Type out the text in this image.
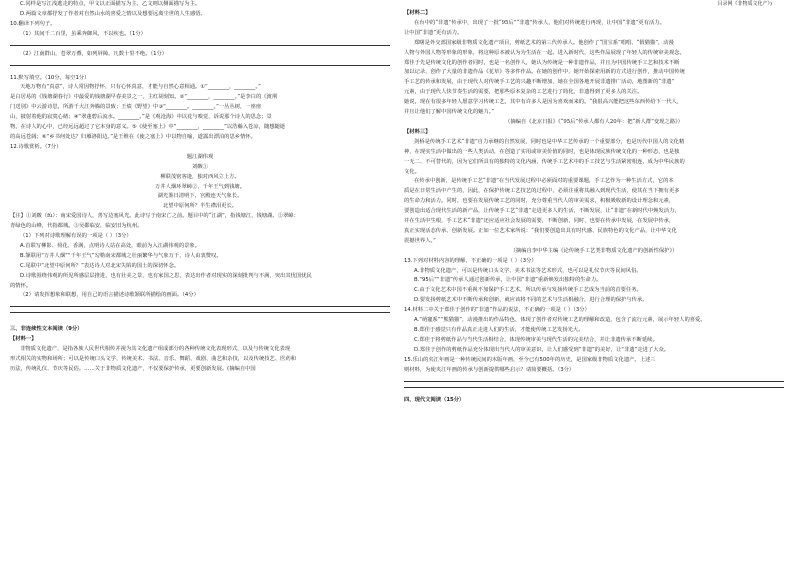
C.同样是写江浅逃走的特点，甲文以正面描写为主，乙文则以侧面描写为主。
D.两篇文章都抒发了作者对自然山水的喜爱之情以及想要远离尘世的人生感悟。
10.翻译下列句子。
（1）其间千二百里，虽乘奔御风，不以疾也。（1分）
（2）江南群山，苍翠万叠，如列屏障，凡数十里不绝。（1分）
11.默写填空。（10分，每空1分）
天地万物有“真意”，诗人常因物抒怀，只有心怀真意，才能与自然心意相通。①“________，________。”
是白居易的《钱塘湖春行》中最爱的钱塘湖早春美景之一，主红胡刻知。②“________，________。”是李白的《渡荆
门送别》中云游诗思，所游千大江奔腾的景致；王绩《野望》中③“________。________。”一丛丛树，一座座
山，披射着他的寂寞心绪；④“翠蓬碧后流水。________。”是《观沧海》中以花与嗅觉，诉说那个诗人的思念；景
物，在诗人的心中，已经远远超过了它本身的意义。⑤《使至塞上》中“________，________”以浩瀚入苍凉，随想随逝
的高远苍阔；⑥“乡书何处达？归雁洛阳边。”是王维在《使之塞上》中以物自喻，道露出漂泊的思乡情怀。
12.诗歌赏析。（7分）
题江湖伟观
刘敞①
柳联茂密客逢，独对西风立上方。
万井人烟环翠嶂②，千年王气到钱塘。
湖光鉴日清明下，宫殿连天气象长。
北望中原何所？半生襟泪更长。
【注】①刘敞（fù）：南宋爱国诗人，善写边塞风光。此诗写于南宋亡之前。题目中的“江湖”，指钱塘江，钱塘湖。②翠嶂：
青绿色的山峰，代指都城。③吴都临安，临安旧为杭州。
（1）下列对诗歌理解有误的一项是（ ）（3分）
A.首联写柳影、荷花、香满，点明诗人站在高处，眼前为入江湖伟观的景象。
B.颔联用“万井人烟”“千年王气”勾勒南宋都城之壮丽繁华与气象万千，诗人由衷赞叹。
C.尾联中“北望中原何所？”表达诗人对北宋失陷的国土的深切怀念。
D.诗歌围绕伟观的所见所感层层推进，也有壮美之景，也有家国之思，表达出作者对现实的深刻批判与不满，突出其忧国忧民
的情怀。
（2）请发挥想象和联想，用自己的语言描述诗歌颔联所描绘的画面。（4分）
三、非连续性文本阅读（9分）
【材料一】
非物质文化遗产，是指各族人民世代相传并视为其文化遗产组成部分的各种传统文化表现形式，以及与传统文化表现
形式相关的实物和场所；可以是传统口头文学、传统美术、书法、音乐、舞蹈、戏剧、曲艺和杂技，以及传统技艺、医药和
历法，传统礼仪、节庆等民俗。……关于非物质文化遗产，不仅要保护传承，更要创新发展。(摘编自中国
目录网《非物质文化产》)
【材料二】
在台中的“非遗”传承中，出现了一批“95后”“非遗”传承人，他们对传统进行再现，让中国“非遗”更有活力。
让中国“非遗”更有活力。
郑曙是外交部国家级非物质文化遗产项目，剪纸艺术的第三代传承人。他创作了“国宝系”唱唱、“假猫猫”，动漫
人物与外国人物等形象的形象，将这种原本被认为为生活在一起。进入新时代，这些作品展现了年轻人的传统审美观念。
郑佳于先是传统文化的创作者同时，也是一名创作人，她认为传统是一种非遗作品，并且为中国传统手工艺和技术不断
加以记录，创作了大量的非遗作品《花草》等多件作品。在她的创作中，她开始探索用新的方式进行创作，推动中国传统
手工艺的传承和发展，由于现代人对传统手工艺的兴趣不断增加，她在全国各地开展非遗推广活动，地图新的“非遗”
元素，由于现代人快节奏生活的需要，把那些原本复杂的工艺进行了简化，非遗得到了更多人的关注。
她说，现在有很多年轻人愿意学习传统工艺，其中有许多人是因为喜欢而来的。“我很高兴能把这些东西传给下一代人，
并且让他们了解中国传统文化的魅力。”
（摘编自《北京日报》《“95后”传承人都有人20年：把“新人群”变现之路》）
【材料三】
剑桥是传统手工艺术“非遗”自力承继的自然发展，同时也是中华工艺传承的一个重要部分，也是历代中国人的文化精
神，在现实生活中做出的一些人类活动，在创造了实用或审美价值的同时，也是体现民族传统文化的一种形态，也是独
一无二、不可替代的，因为它们所具有的独特的文化内涵，传统手工艺术中的手工技艺与生活紧密相连，成为中华民族的
文化。
在传承中创新，是传统手工艺“非遗”在当代发展过程中必须面对的重要课题，手工艺作为一种生活方式，它的本
质是在日常生活中产生的，因此，在保护传统工艺技艺的过程中，必须注重将其融入到现代生活，使其在当下拥有更多
的生命力和活力。同时，也要在发展传统工艺的同时，充分尊重当代人的审美需求，积极吸收新的设计理念和元素，
要创造出适合现代生活的新产品，让传统手工艺“非遗”走进更多人的生活，不断发展，让“非遗”在新时代中焕发活力，
并在生活中生根，手工艺术“非遗”还应适应社会发展的需要，不断创新，同时，也要在传承中发展，在发展中传承，
真正实现活态传承、创新发展。正如一位艺术家所说：“我们要创造出具有时代感、民族特色的文化产品，让中华文化
震撼世界人。”
（摘编自李中华主编《论传统手工艺类非物质文化遗产的创新性保护》）
13.下列对材料内容的理解，不正确的一项是（ ）（3分）
A.非物质文化遗产，可以是传统口头文学、美术书法等艺术形式，也可以是礼仪节庆等民间风俗。
B.“95后”“非遗”传承人通过创新传承，让中国“非遗”重新焕发出独特的生命力。
C.由于文化艺术中国不重视不加保护手工艺术，所以传承与发扬传统手工艺成为当前的首要任务。
D.要发扬剪纸艺术中不断传承和创新，就应该将不同的艺术与生活相融合，进行合理的保护与传承。
14.材料二中关于郑佳于创作的“非遗”作品的说法，不正确的一项是（ ）（3分）
A.“萌寵系”“熊猫猫”，动漫推出的作品特色，体现了创作者对传统工艺的理解和改造，包含了流行元素，展示年轻人的喜爱。
B.郑佳于感觉只有作品真正走进人们的生活，才能使传统工艺发扬光大。
C.郑佳于将剪纸作品与当代生活相结合，体现传统审美与现代生活的完美结合，并让非遗传承不断延续。
D.郑佳于创作的剪纸作品充分体现出当代人的审美意识，让人们感受到“非遗”的美好，让“非遗”走进了大众。
15.乐山的夹江年画是一种传统民间的木版年画，至今已有500年的历史，是国家级非物质文化遗产。上述三
则材料，为使夹江年画的传承与创新提供哪些启示？请简要概括。（3分）
四、现代文阅读（15分）
